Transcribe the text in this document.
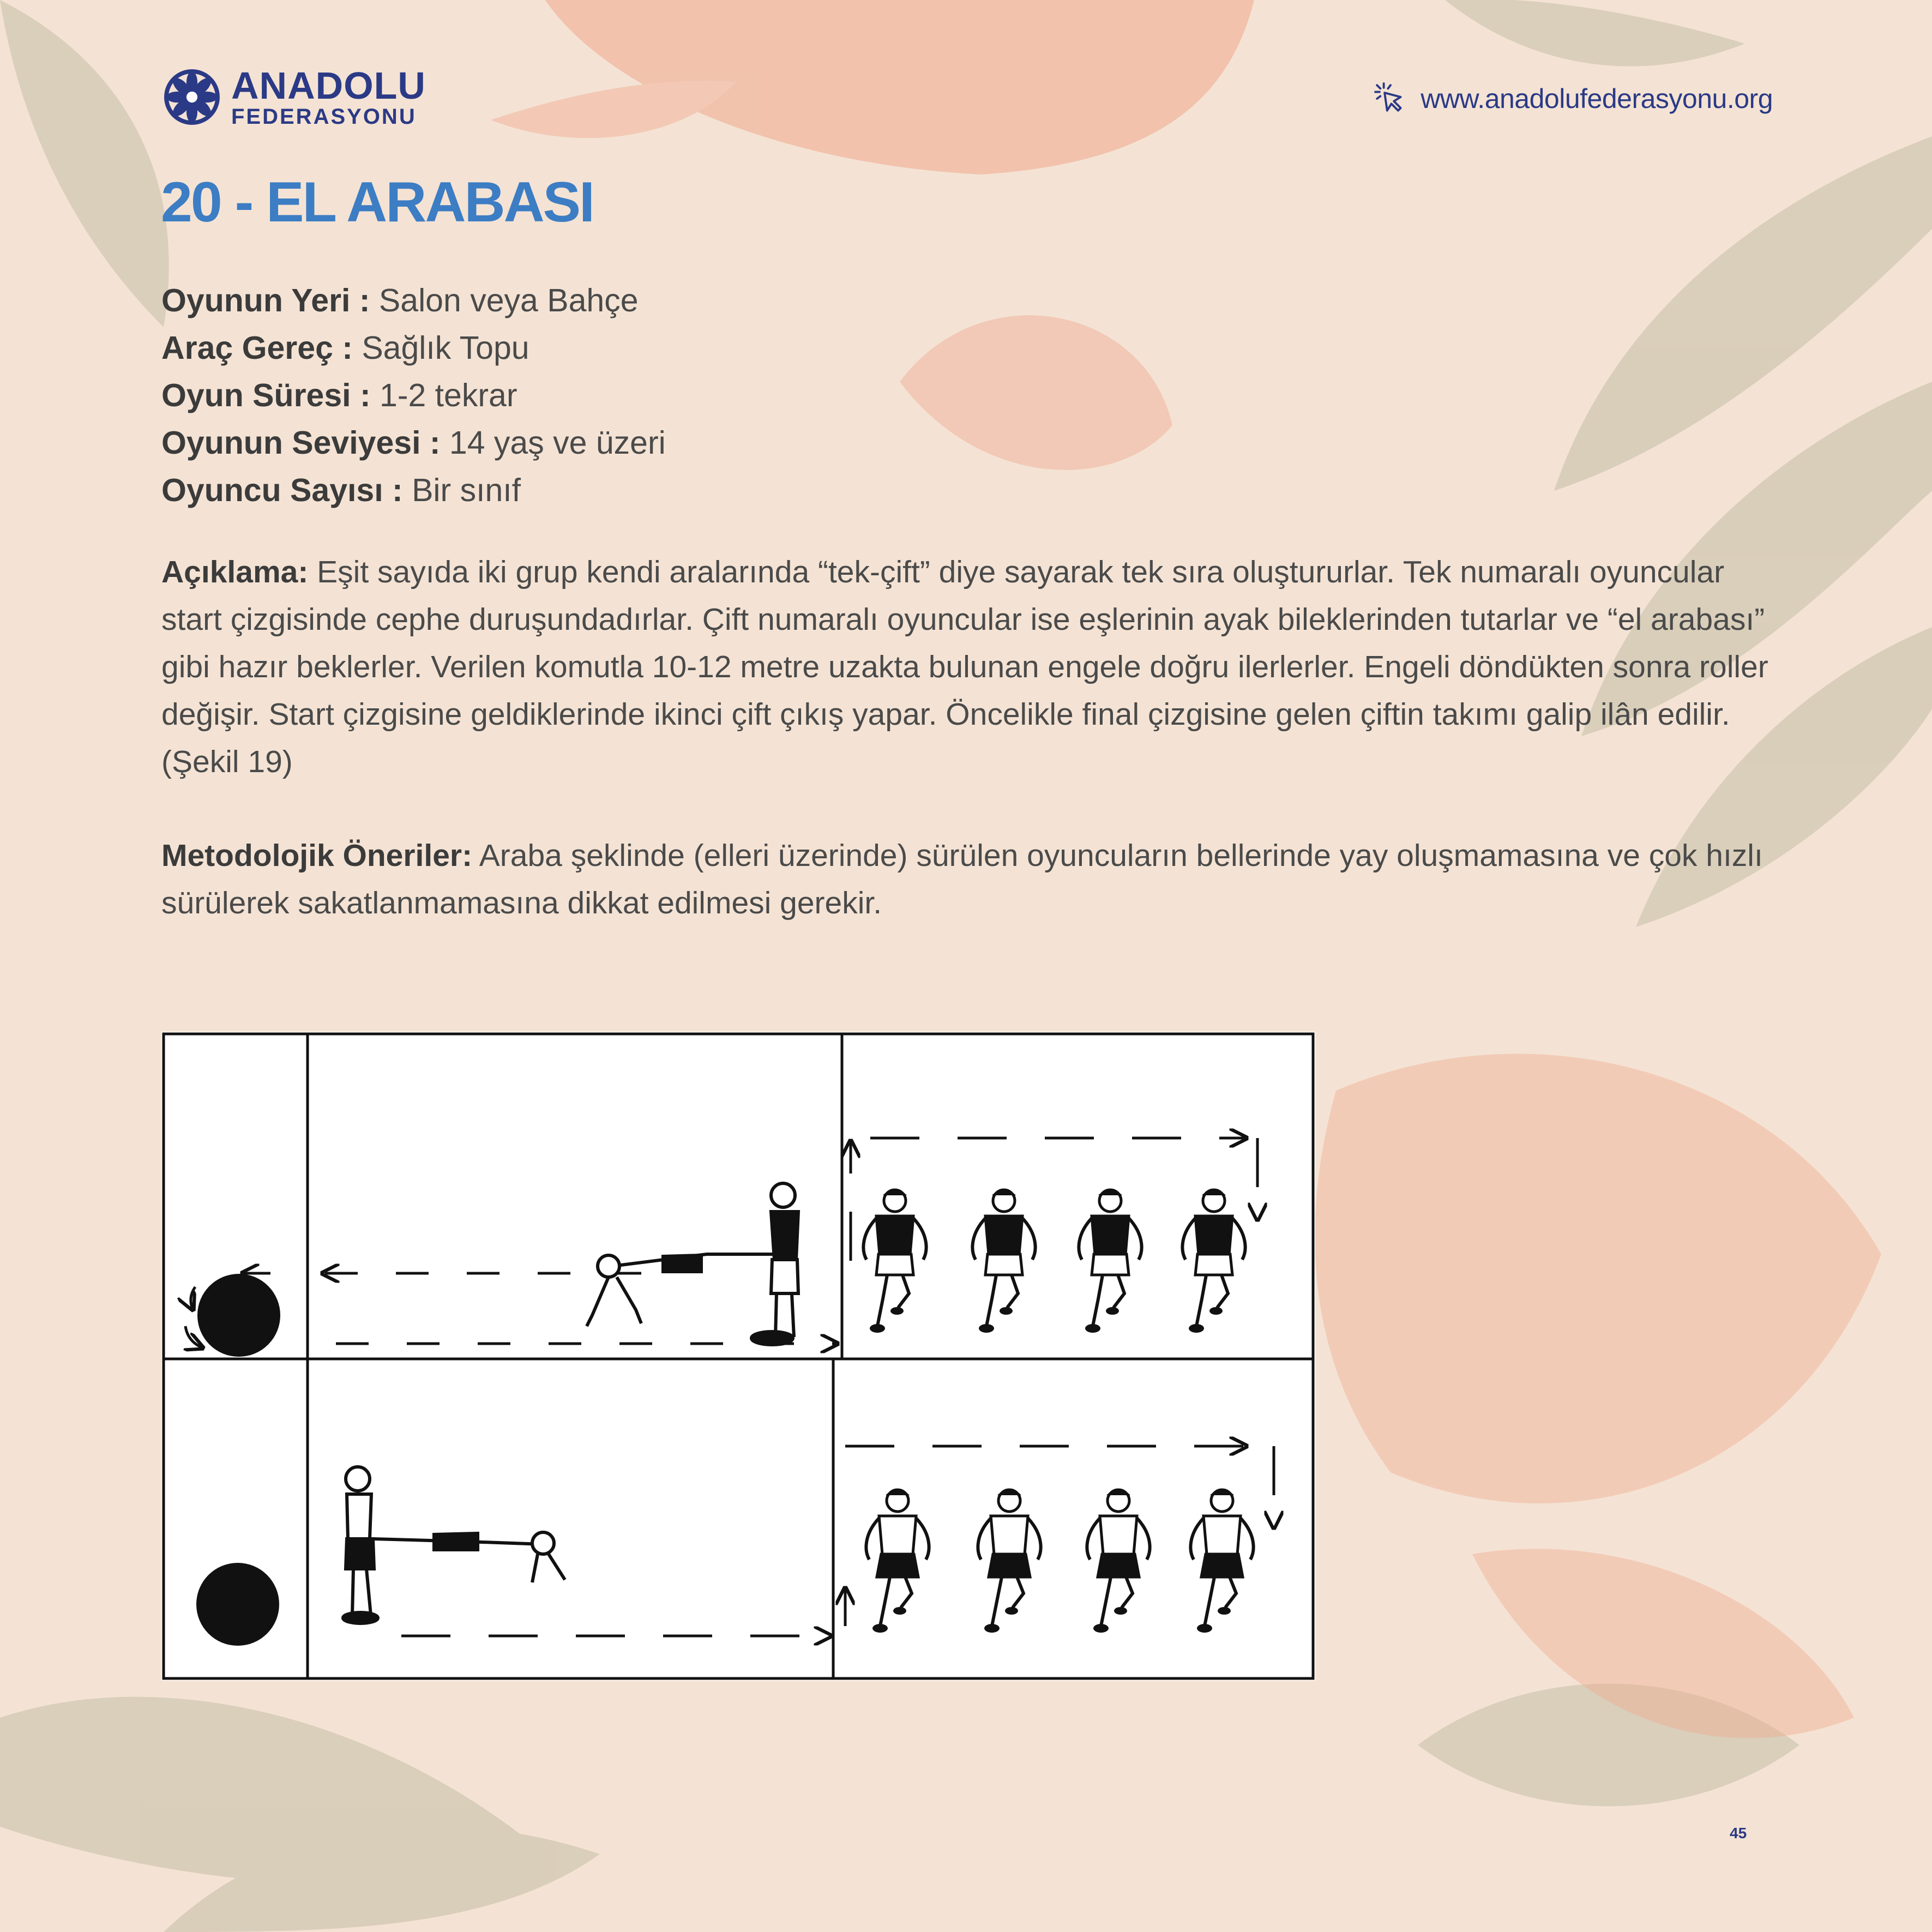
ANADOLU
FEDERASYONU
www.anadolufederasyonu.org
20 - EL ARABASI
Oyunun Yeri : Salon veya Bahçe
Araç Gereç : Sağlık Topu
Oyun Süresi : 1-2 tekrar
Oyunun Seviyesi : 14 yaş ve üzeri
Oyuncu Sayısı : Bir sınıf

Açıklama: Eşit sayıda iki grup kendi aralarında “tek-çift” diye sayarak tek sıra oluştururlar. Tek numaralı oyuncular start çizgisinde cephe duruşundadırlar. Çift numaralı oyuncular ise eşlerinin ayak bileklerinden tutarlar ve “el arabası” gibi hazır beklerler. Verilen komutla 10-12 metre uzakta bulunan engele doğru ilerlerler. Engeli döndükten sonra roller değişir. Start çizgisine geldiklerinde ikinci çift çıkış yapar. Öncelikle final çizgisine gelen çiftin takımı galip ilân edilir. (Şekil 19)

Metodolojik Öneriler: Araba şeklinde (elleri üzerinde) sürülen oyuncuların bellerinde yay oluşmamasına ve çok hızlı sürülerek sakatlanmamasına dikkat edilmesi gerekir.

45
